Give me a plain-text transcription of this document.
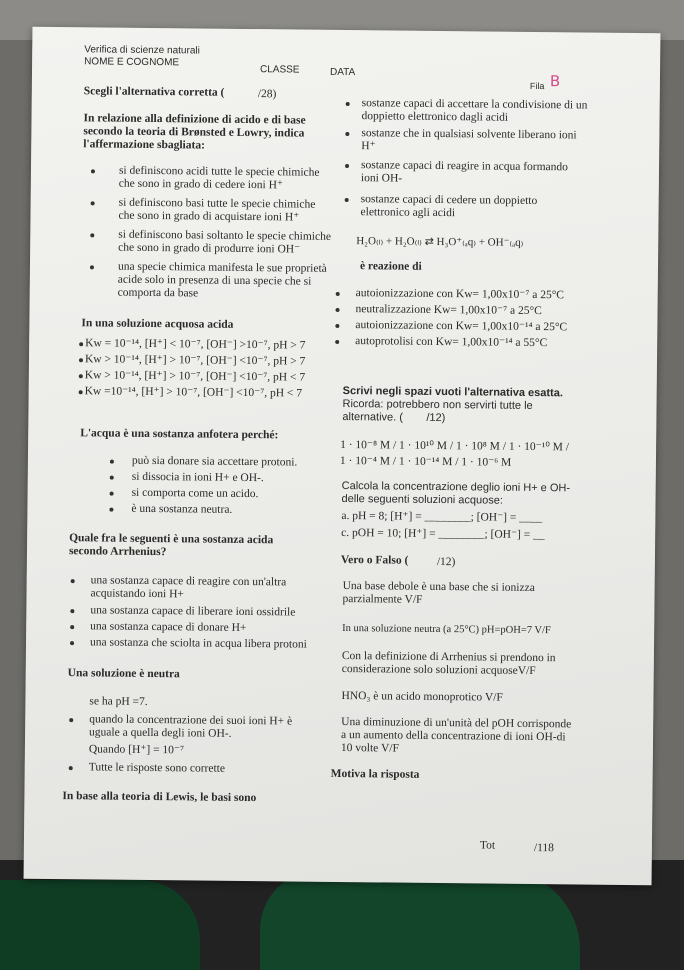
Verifica di scienze naturali
NOME E COGNOME
CLASSE	DATA
Fila B
Scegli l'alternativa corretta (	/28)
In relazione alla definizione di acido e di base
secondo la teoria di Brønsted e Lowry, indica
l'affermazione sbagliata:
si definiscono acidi tutte le specie chimiche
che sono in grado di cedere ioni H⁺
si definiscono basi tutte le specie chimiche
che sono in grado di acquistare ioni H⁺
si definiscono basi soltanto le specie chimiche
che sono in grado di produrre ioni OH⁻
una specie chimica manifesta le sue proprietà
acide solo in presenza di una specie che si
comporta da base
In una soluzione acquosa acida
Kw = 10⁻¹⁴, [H⁺] < 10⁻⁷, [OH⁻] >10⁻⁷, pH > 7
Kw > 10⁻¹⁴, [H⁺] > 10⁻⁷, [OH⁻] <10⁻⁷, pH > 7
Kw > 10⁻¹⁴, [H⁺] > 10⁻⁷, [OH⁻] <10⁻⁷, pH < 7
Kw =10⁻¹⁴, [H⁺] > 10⁻⁷, [OH⁻] <10⁻⁷, pH < 7
L'acqua è una sostanza anfotera perché:
può sia donare sia accettare protoni.
si dissocia in ioni H+ e OH-.
si comporta come un acido.
è una sostanza neutra.
Quale fra le seguenti è una sostanza acida
secondo Arrhenius?
una sostanza capace di reagire con un'altra
acquistando ioni H+
una sostanza capace di liberare ioni ossidrile
una sostanza capace di donare H+
una sostanza che sciolta in acqua libera protoni
Una soluzione è neutra
se ha pH =7.
quando la concentrazione dei suoi ioni H+ è
uguale a quella degli ioni OH-.
Quando [H⁺] = 10⁻⁷
Tutte le risposte sono corrette
In base alla teoria di Lewis, le basi sono
sostanze capaci di accettare la condivisione di un
doppietto elettronico dagli acidi
sostanze che in qualsiasi solvente liberano ioni
H⁺
sostanze capaci di reagire in acqua formando
ioni OH-
sostanze capaci di cedere un doppietto
elettronico agli acidi
H₂O₍ₗ₎ + H₂O₍ₗ₎ ⇄ H₃O⁺₍ₐq₎ + OH⁻₍ₐq₎
è reazione di
autoionizzazione con Kw= 1,00x10⁻⁷ a 25°C
neutralizzazione Kw= 1,00x10⁻⁷ a 25°C
autoionizzazione con Kw= 1,00x10⁻¹⁴ a 25°C
autoprotolisi con Kw= 1,00x10⁻¹⁴ a 55°C
Scrivi negli spazi vuoti l'alternativa esatta.
Ricorda: potrebbero non servirti tutte le
alternative. ( /12)
1 · 10⁻⁸ M / 1 · 10¹⁰ M / 1 · 10⁸ M / 1 · 10⁻¹⁰ M /
1 · 10⁻⁴ M / 1 · 10⁻¹⁴ M / 1 · 10⁻⁶ M
Calcola la concentrazione deglio ioni H+ e OH-
delle seguenti soluzioni acquose:
a. pH = 8; [H⁺] = ________; [OH⁻] = ____
c. pOH = 10; [H⁺] = ________; [OH⁻] = __
Vero o Falso ( /12)
Una base debole è una base che si ionizza
parzialmente V/F
In una soluzione neutra (a 25°C) pH=pOH=7 V/F
Con la definizione di Arrhenius si prendono in
considerazione solo soluzioni acquoseV/F
HNO₃ è un acido monoprotico V/F
Una diminuzione di un'unità del pOH corrisponde
a un aumento della concentrazione di ioni OH-di
10 volte V/F
Motiva la risposta
Tot	/118
